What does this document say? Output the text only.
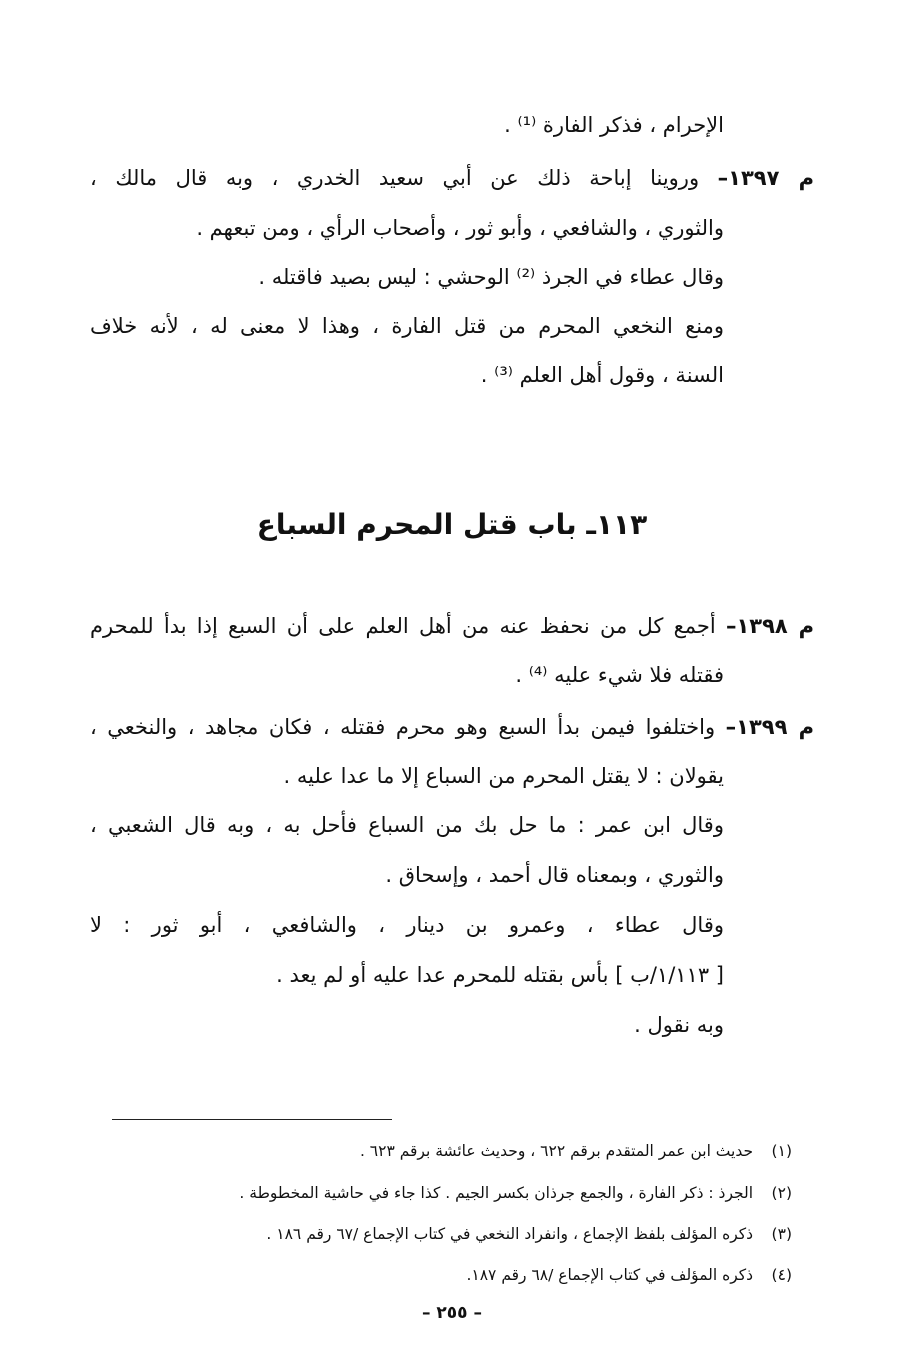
الإحرام ، فذكر الفارة ⁽¹⁾ .
م ١٣٩٧– وروينا إباحة ذلك عن أبي سعيد الخدري ، وبه قال مالك ،
والثوري ، والشافعي ، وأبو ثور ، وأصحاب الرأي ، ومن تبعهم .
وقال عطاء في الجرذ ⁽²⁾ الوحشي : ليس بصيد فاقتله .
ومنع النخعي المحرم من قتل الفارة ، وهذا لا معنى له ، لأنه خلاف
السنة ، وقول أهل العلم ⁽³⁾ .
١١٣ـ باب قتل المحرم السباع
م ١٣٩٨– أجمع كل من نحفظ عنه من أهل العلم على أن السبع إذا بدأ للمحرم
فقتله فلا شيء عليه ⁽⁴⁾ .
م ١٣٩٩– واختلفوا فيمن بدأ السبع وهو محرم فقتله ، فكان مجاهد ، والنخعي ،
يقولان : لا يقتل المحرم من السباع إلا ما عدا عليه .
وقال ابن عمر : ما حل بك من السباع فأحل به ، وبه قال الشعبي ،
والثوري ، وبمعناه قال أحمد ، وإسحاق .
وقال عطاء ، وعمرو بن دينار ، والشافعي ، أبو ثور : لا
[ ١/١١٣/ب ] بأس بقتله للمحرم عدا عليه أو لم يعد .
وبه نقول .
(١) حديث ابن عمر المتقدم برقم ٦٢٢ ، وحديث عائشة برقم ٦٢٣ .
(٢) الجرذ : ذكر الفارة ، والجمع جرذان بكسر الجيم . كذا جاء في حاشية المخطوطة .
(٣) ذكره المؤلف بلفظ الإجماع ، وانفراد النخعي في كتاب الإجماع /٦٧ رقم ١٨٦ .
(٤) ذكره المؤلف في كتاب الإجماع /٦٨ رقم ١٨٧.
– ٢٥٥ –
